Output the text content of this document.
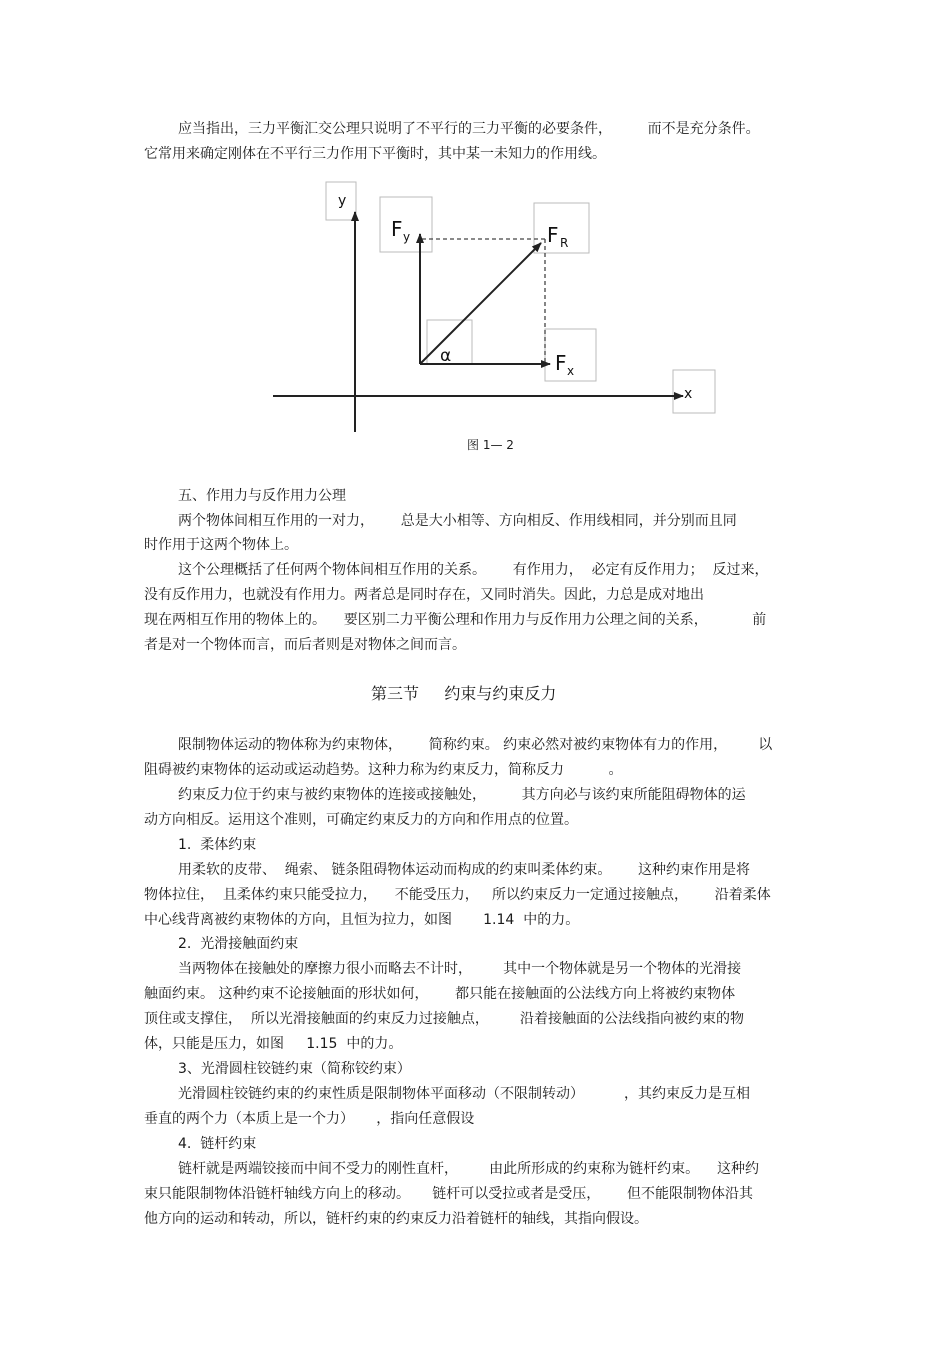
应当指出，三力平衡汇交公理只说明了不平行的三力平衡的必要条件，        而不是充分条件。
它常用来确定刚体在不平行三力作用下平衡时，其中某一未知力的作用线。
y
x
F y	F R
F x
α
图 1— 2
五、作用力与反作用力公理
两个物体间相互作用的一对力，      总是大小相等、方向相反、作用线相同，并分别而且同
时作用于这两个物体上。
这个公理概括了任何两个物体间相互作用的关系。      有作用力，  必定有反作用力；  反过来，
没有反作用力，也就没有作用力。两者总是同时存在，又同时消失。因此，力总是成对地出
现在两相互作用的物体上的。    要区别二力平衡公理和作用力与反作用力公理之间的关系，          前
者是对一个物体而言，而后者则是对物体之间而言。
第三节     约束与约束反力
限制物体运动的物体称为约束物体，      简称约束。 约束必然对被约束物体有力的作用，       以
阻碍被约束物体的运动或运动趋势。这种力称为约束反力，简称反力          。
约束反力位于约束与被约束物体的连接或接触处，        其方向必与该约束所能阻碍物体的运
动方向相反。运用这个准则，可确定约束反力的方向和作用点的位置。
1.  柔体约束
用柔软的皮带、  绳索、 链条阻碍物体运动而构成的约束叫柔体约束。      这种约束作用是将
物体拉住，  且柔体约束只能受拉力，    不能受压力，   所以约束反力一定通过接触点，      沿着柔体
中心线背离被约束物体的方向，且恒为拉力，如图       1.14  中的力。
2.  光滑接触面约束
当两物体在接触处的摩擦力很小而略去不计时，       其中一个物体就是另一个物体的光滑接
触面约束。 这种约束不论接触面的形状如何，      都只能在接触面的公法线方向上将被约束物体
顶住或支撑住，  所以光滑接触面的约束反力过接触点，       沿着接触面的公法线指向被约束的物
体，只能是压力，如图     1.15  中的力。
3、光滑圆柱铰链约束（简称铰约束）
光滑圆柱铰链约束的约束性质是限制物体平面移动（不限制转动）         ，其约束反力是互相
垂直的两个力（本质上是一个力）     ，指向任意假设
4.  链杆约束
链杆就是两端铰接而中间不受力的刚性直杆，       由此所形成的约束称为链杆约束。    这种约
束只能限制物体沿链杆轴线方向上的移动。     链杆可以受拉或者是受压，      但不能限制物体沿其
他方向的运动和转动，所以，链杆约束的约束反力沿着链杆的轴线，其指向假设。
